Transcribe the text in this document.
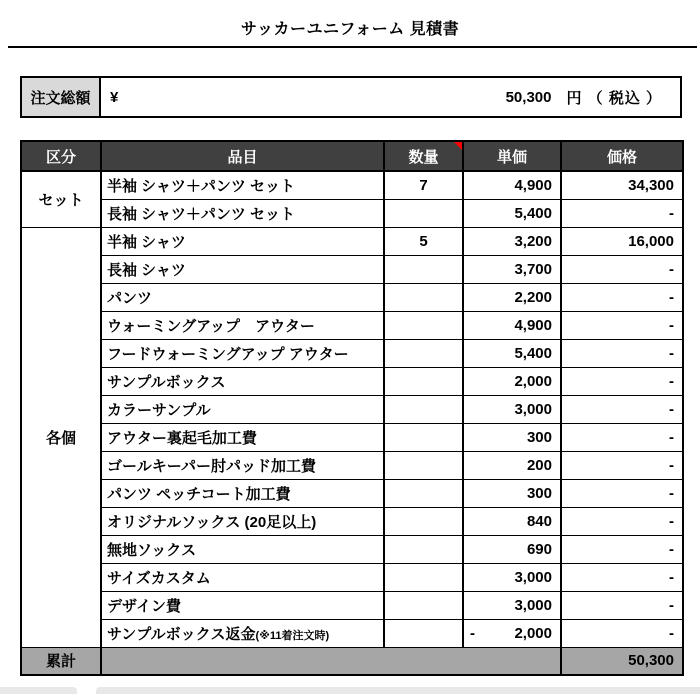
サッカーユニフォーム 見積書
注文総額	¥	50,300 円 （ 税込 ）
区分	品目	数量	単価	価格
セット	半袖 シャツ＋パンツ セット	7	4,900	34,300
	長袖 シャツ＋パンツ セット		5,400	-
各個	半袖 シャツ	5	3,200	16,000
	長袖 シャツ		3,700	-
	パンツ		2,200	-
	ウォーミングアップ　アウター		4,900	-
	フードウォーミングアップ アウター		5,400	-
	サンプルボックス		2,000	-
	カラーサンプル		3,000	-
	アウター裏起毛加工費		300	-
	ゴールキーパー肘パッド加工費		200	-
	パンツ ペッチコート加工費		300	-
	オリジナルソックス (20足以上)		840	-
	無地ソックス		690	-
	サイズカスタム		3,000	-
	デザイン費		3,000	-
	サンプルボックス返金(※11着注文時)		- 2,000	-
累計				50,300
